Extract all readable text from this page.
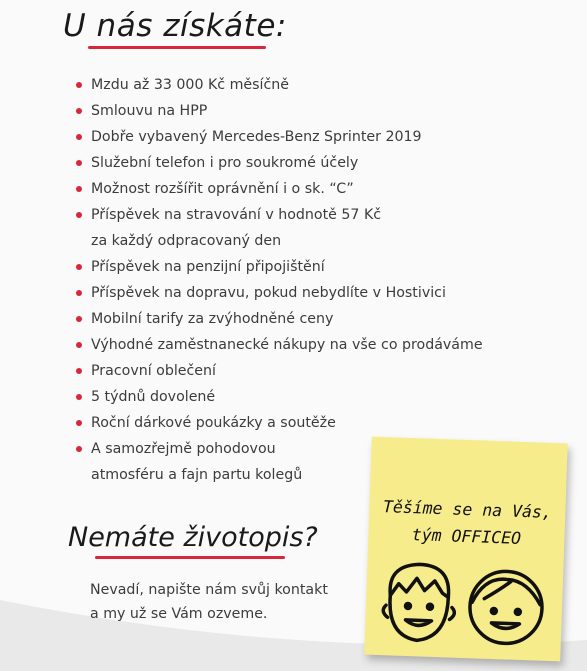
U nás získáte:
Mzdu až 33 000 Kč měsíčně
Smlouvu na HPP
Dobře vybavený Mercedes-Benz Sprinter 2019
Služební telefon i pro soukromé účely
Možnost rozšířit oprávnění i o sk. “C”
Příspěvek na stravování v hodnotě 57 Kč
za každý odpracovaný den
Příspěvek na penzijní připojištění
Příspěvek na dopravu, pokud nebydlíte v Hostivici
Mobilní tarify za zvýhodněné ceny
Výhodné zaměstnanecké nákupy na vše co prodáváme
Pracovní oblečení
5 týdnů dovolené
Roční dárkové poukázky a soutěže
A samozřejmě pohodovou
atmosféru a fajn partu kolegů
Nemáte životopis?
Nevadí, napište nám svůj kontakt
a my už se Vám ozveme.
Těšíme se na Vás,
tým OFFICEO
